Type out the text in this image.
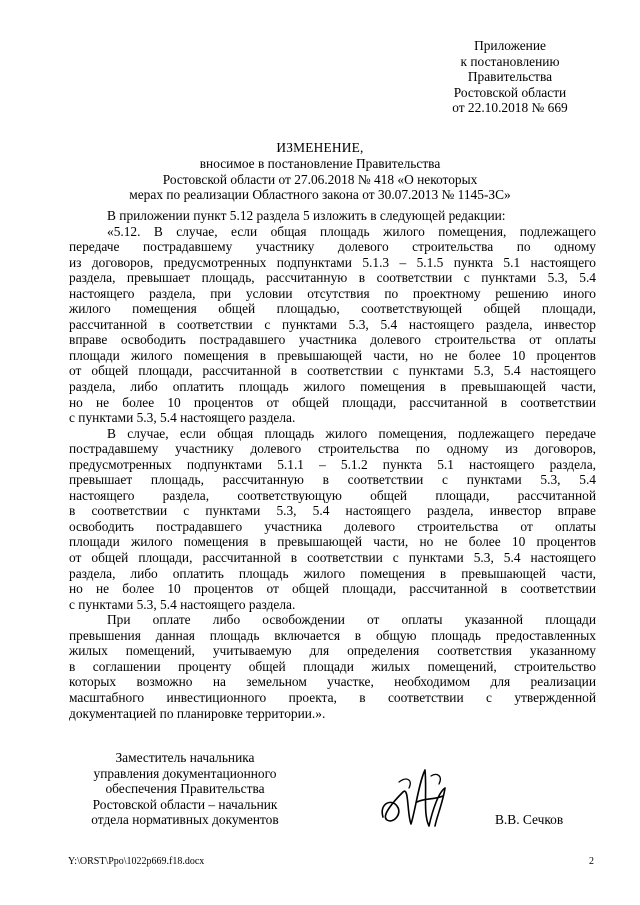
Приложение
к постановлению
Правительства
Ростовской области
от 22.10.2018 № 669
ИЗМЕНЕНИЕ,
вносимое в постановление Правительства
Ростовской области от 27.06.2018 № 418 «О некоторых
мерах по реализации Областного закона от 30.07.2013 № 1145-ЗС»
В приложении пункт 5.12 раздела 5 изложить в следующей редакции:
«5.12. В случае, если общая площадь жилого помещения, подлежащего
передаче пострадавшему участнику долевого строительства по одному
из договоров, предусмотренных подпунктами 5.1.3 – 5.1.5 пункта 5.1 настоящего
раздела, превышает площадь, рассчитанную в соответствии с пунктами 5.3, 5.4
настоящего раздела, при условии отсутствия по проектному решению иного
жилого помещения общей площадью, соответствующей общей площади,
рассчитанной в соответствии с пунктами 5.3, 5.4 настоящего раздела, инвестор
вправе освободить пострадавшего участника долевого строительства от оплаты
площади жилого помещения в превышающей части, но не более 10 процентов
от общей площади, рассчитанной в соответствии с пунктами 5.3, 5.4 настоящего
раздела, либо оплатить площадь жилого помещения в превышающей части,
но не более 10 процентов от общей площади, рассчитанной в соответствии
с пунктами 5.3, 5.4 настоящего раздела.
В случае, если общая площадь жилого помещения, подлежащего передаче
пострадавшему участнику долевого строительства по одному из договоров,
предусмотренных подпунктами 5.1.1 – 5.1.2 пункта 5.1 настоящего раздела,
превышает площадь, рассчитанную в соответствии с пунктами 5.3, 5.4
настоящего раздела, соответствующую общей площади, рассчитанной
в соответствии с пунктами 5.3, 5.4 настоящего раздела, инвестор вправе
освободить пострадавшего участника долевого строительства от оплаты
площади жилого помещения в превышающей части, но не более 10 процентов
от общей площади, рассчитанной в соответствии с пунктами 5.3, 5.4 настоящего
раздела, либо оплатить площадь жилого помещения в превышающей части,
но не более 10 процентов от общей площади, рассчитанной в соответствии
с пунктами 5.3, 5.4 настоящего раздела.
При оплате либо освобождении от оплаты указанной площади
превышения данная площадь включается в общую площадь предоставленных
жилых помещений, учитываемую для определения соответствия указанному
в соглашении проценту общей площади жилых помещений, строительство
которых возможно на земельном участке, необходимом для реализации
масштабного инвестиционного проекта, в соответствии с утвержденной
документацией по планировке территории.».
Заместитель начальника
управления документационного
обеспечения Правительства
Ростовской области – начальник
отдела нормативных документов	В.В. Сечков
Y:\ORST\Ppo\1022p669.f18.docx	2
